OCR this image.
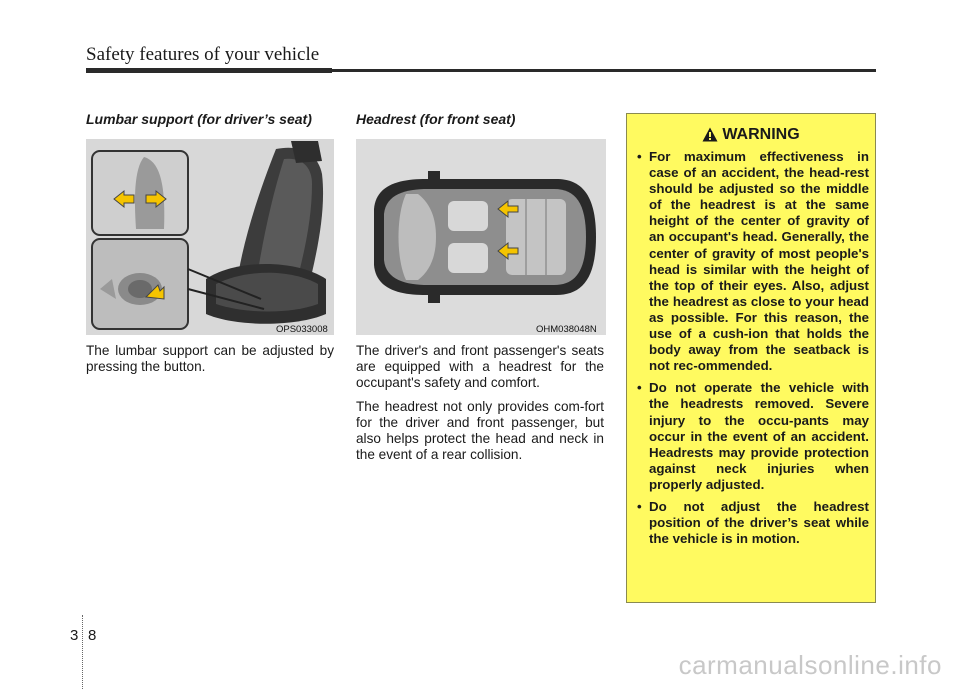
Safety features of your vehicle
Lumbar support (for driver’s seat)
OPS033008

The lumbar support can be adjusted by pressing the button.

Headrest (for front seat)
OHM038048N

The driver's and front passenger's seats are equipped with a headrest for the occupant's safety and comfort.

The headrest not only provides com-fort for the driver and front passenger, but also helps protect the head and neck in the event of a rear collision.

WARNING
• For maximum effectiveness in case of an accident, the head-rest should be adjusted so the middle of the headrest is at the same height of the center of gravity of an occupant's head. Generally, the center of gravity of most people's head is similar with the height of the top of their eyes. Also, adjust the headrest as close to your head as possible. For this reason, the use of a cush-ion that holds the body away from the seatback is not rec-ommended.
• Do not operate the vehicle with the headrests removed. Severe injury to the occu-pants may occur in the event of an accident. Headrests may provide protection against neck injuries when properly adjusted.
• Do not adjust the headrest position of the driver’s seat while the vehicle is in motion.
3 8
carmanualsonline.info
